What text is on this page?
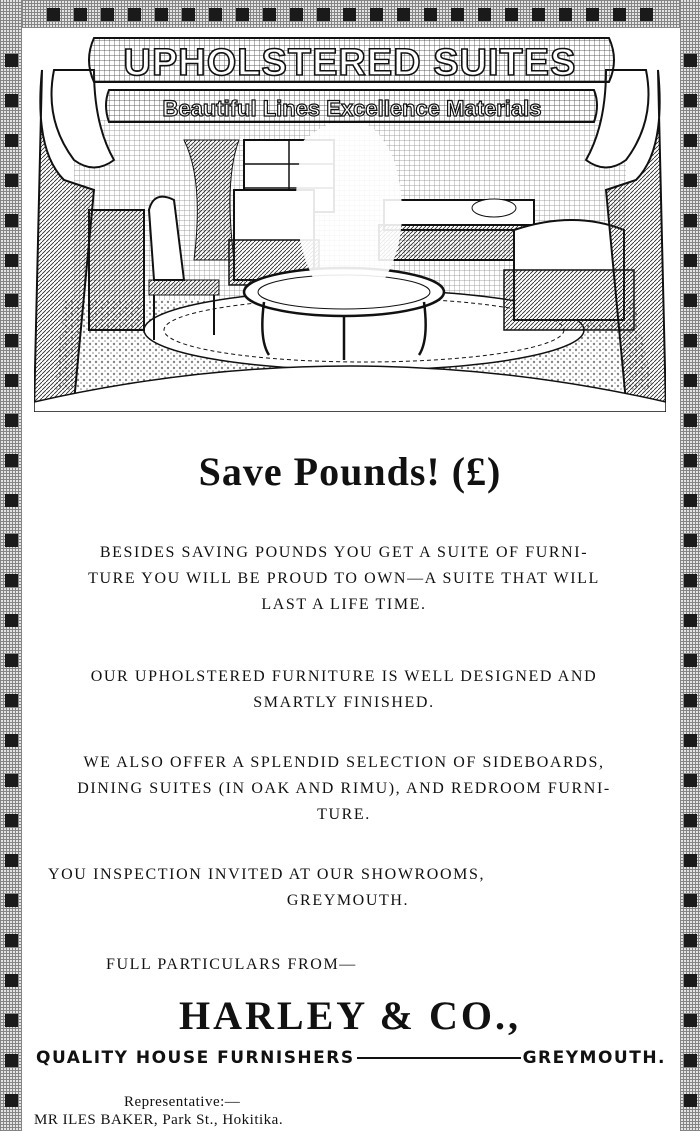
UPHOLSTERED SUITES
Beautiful Lines Excellence Materials
Save Pounds! (£)
BESIDES SAVING POUNDS YOU GET A SUITE OF FURNI-
TURE YOU WILL BE PROUD TO OWN—A SUITE THAT WILL
LAST A LIFE TIME.
OUR UPHOLSTERED FURNITURE IS WELL DESIGNED AND
SMARTLY FINISHED.
WE ALSO OFFER A SPLENDID SELECTION OF SIDEBOARDS,
DINING SUITES (IN OAK AND RIMU), AND REDROOM FURNI-
TURE.
YOU INSPECTION INVITED AT OUR SHOWROOMS,
GREYMOUTH.
FULL PARTICULARS FROM—
HARLEY & CO.,
QUALITY HOUSE FURNISHERS	GREYMOUTH.
Representative:—
MR ILES BAKER, Park St., Hokitika.
